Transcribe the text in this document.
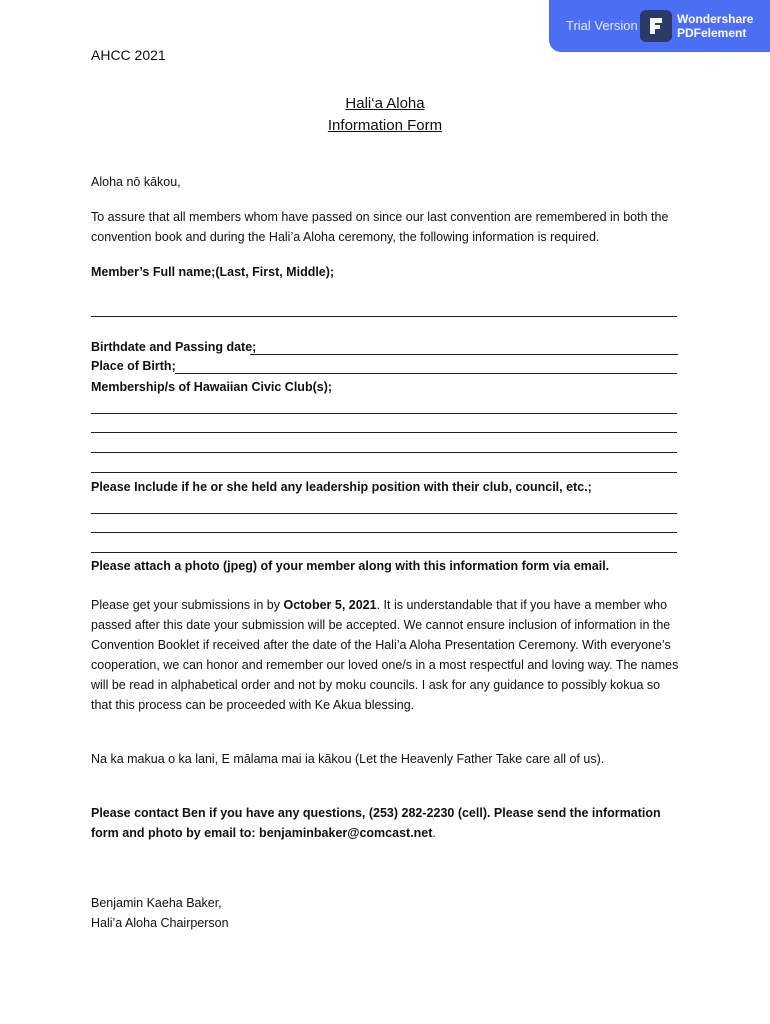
Trial Version	Wondershare
PDFelement
AHCC 2021
Hali‘a Aloha
Information Form
Aloha nō kākou,
To assure that all members whom have passed on since our last convention are remembered in both the convention book and during the Hali’a Aloha ceremony, the following information is required.
Member’s Full name;(Last, First, Middle);
Birthdate and Passing date;
Place of Birth;
Membership/s of Hawaiian Civic Club(s);
Please Include if he or she held any leadership position with their club, council, etc.;
Please attach a photo (jpeg) of your member along with this information form via email.
Please get your submissions in by October 5, 2021. It is understandable that if you have a member who passed after this date your submission will be accepted. We cannot ensure inclusion of information in the Convention Booklet if received after the date of the Hali’a Aloha Presentation Ceremony. With everyone’s cooperation, we can honor and remember our loved one/s in a most respectful and loving way. The names will be read in alphabetical order and not by moku councils. I ask for any guidance to possibly kokua so that this process can be proceeded with Ke Akua blessing.
Na ka makua o ka lani, E mālama mai ia kākou (Let the Heavenly Father Take care all of us).
Please contact Ben if you have any questions, (253) 282-2230 (cell). Please send the information form and photo by email to: benjaminbaker@comcast.net.
Benjamin Kaeha Baker,
Hali’a Aloha Chairperson
